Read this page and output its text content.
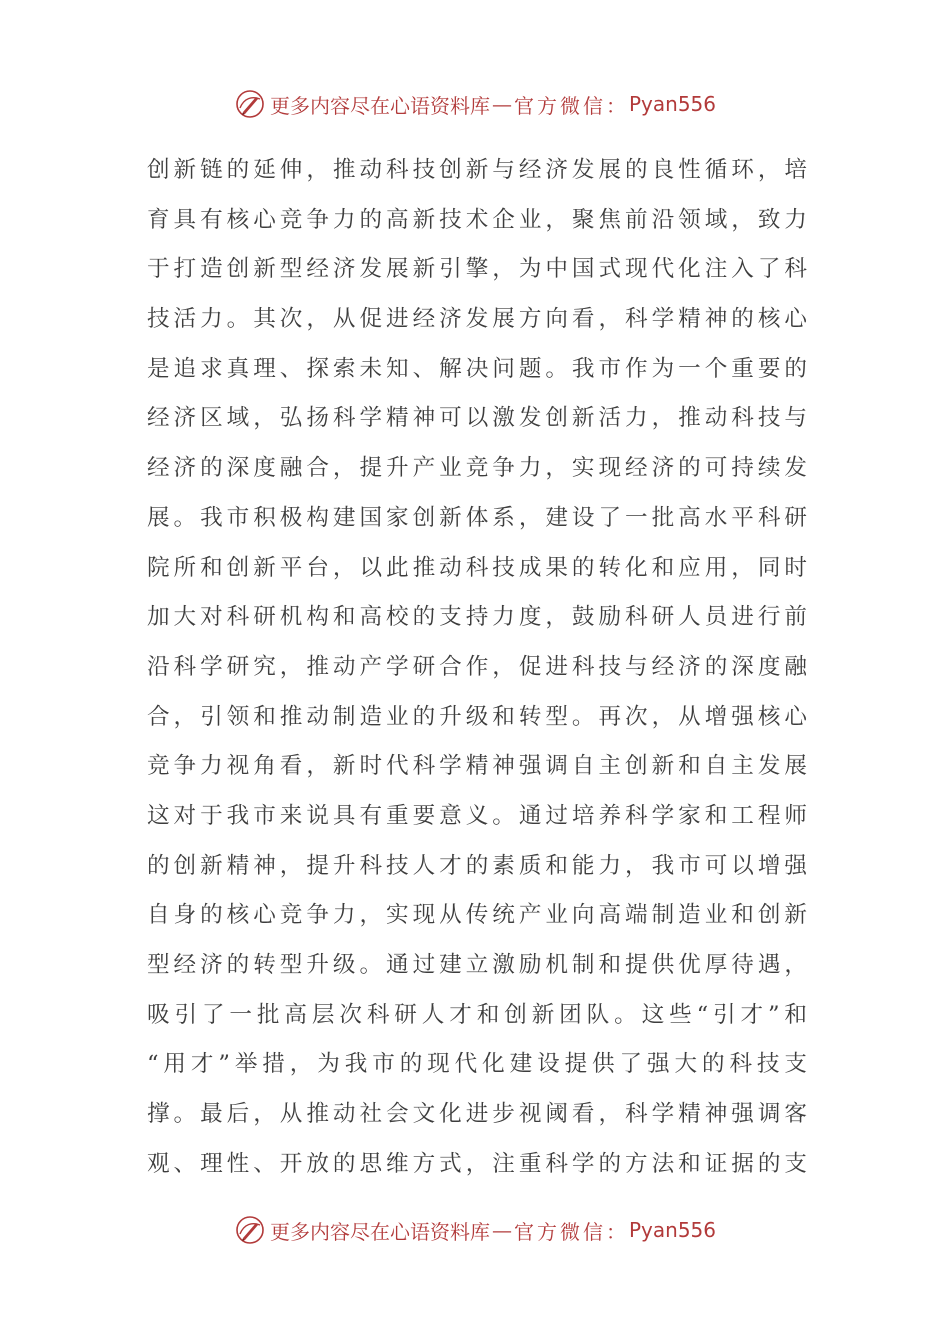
更多内容尽在心语资料库 — 官方微信： Pyan556
创新链的延伸，推动科技创新与经济发展的良性循环，培
育具有核心竞争力的高新技术企业，聚焦前沿领域，致力
于打造创新型经济发展新引擎，为中国式现代化注入了科
技活力。其次，从促进经济发展方向看，科学精神的核心
是追求真理、探索未知、解决问题。我市作为一个重要的
经济区域，弘扬科学精神可以激发创新活力，推动科技与
经济的深度融合，提升产业竞争力，实现经济的可持续发
展。我市积极构建国家创新体系，建设了一批高水平科研
院所和创新平台，以此推动科技成果的转化和应用，同时
加大对科研机构和高校的支持力度，鼓励科研人员进行前
沿科学研究，推动产学研合作，促进科技与经济的深度融
合，引领和推动制造业的升级和转型。再次，从增强核心
竞争力视角看，新时代科学精神强调自主创新和自主发展
这对于我市来说具有重要意义。通过培养科学家和工程师
的创新精神，提升科技人才的素质和能力，我市可以增强
自身的核心竞争力，实现从传统产业向高端制造业和创新
型经济的转型升级。通过建立激励机制和提供优厚待遇，
吸引了一批高层次科研人才和创新团队。这些“引才”和
“用才”举措，为我市的现代化建设提供了强大的科技支
撑。最后，从推动社会文化进步视阈看，科学精神强调客
观、理性、开放的思维方式，注重科学的方法和证据的支
更多内容尽在心语资料库 — 官方微信： Pyan556
